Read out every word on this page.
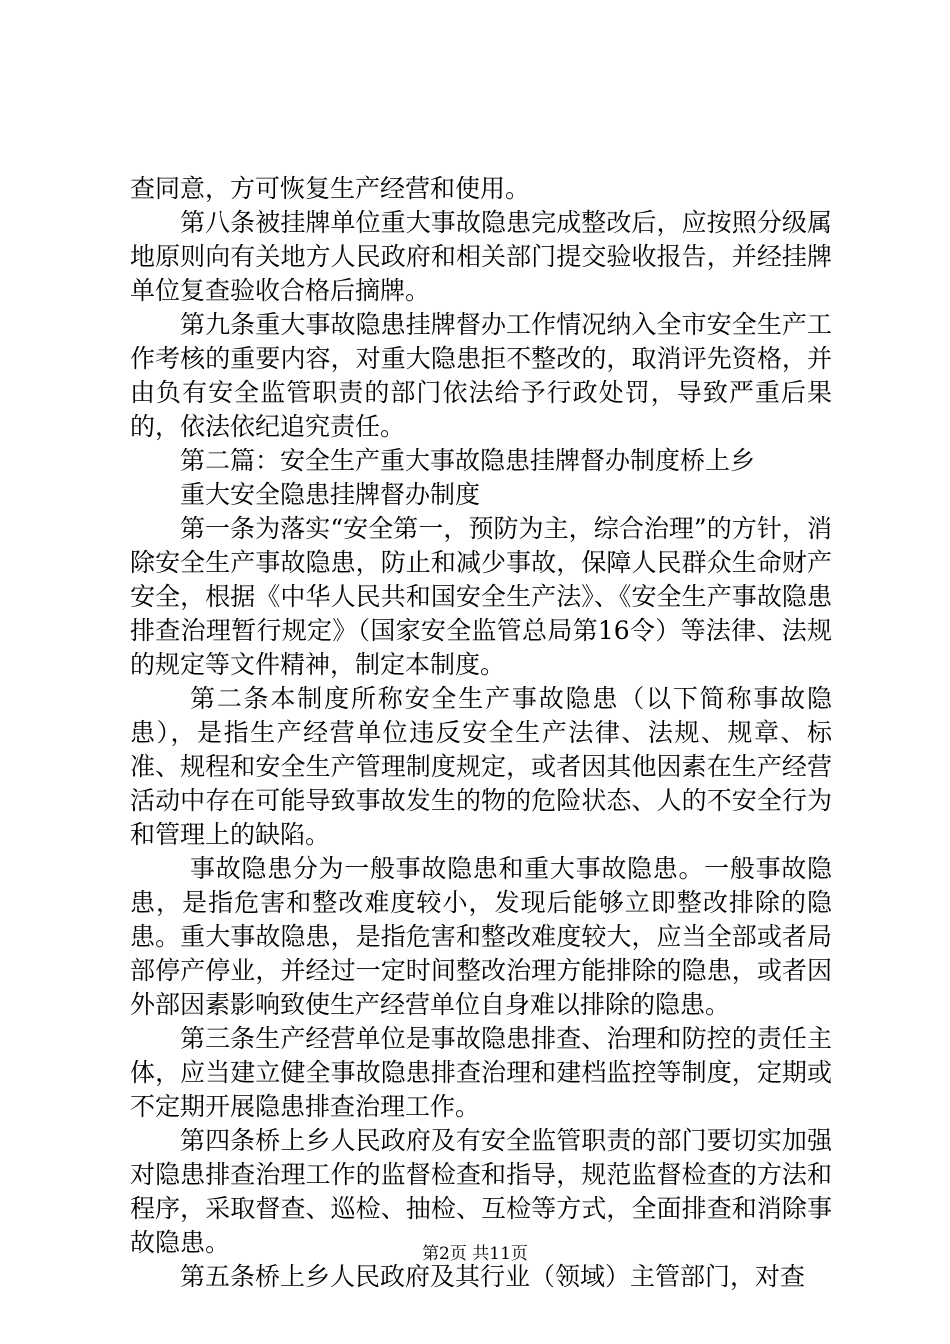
查同意，方可恢复生产经营和使用。

第八条被挂牌单位重大事故隐患完成整改后，应按照分级属地原则向有关地方人民政府和相关部门提交验收报告，并经挂牌单位复查验收合格后摘牌。

第九条重大事故隐患挂牌督办工作情况纳入全市安全生产工作考核的重要内容，对重大隐患拒不整改的，取消评先资格，并由负有安全监管职责的部门依法给予行政处罚，导致严重后果的，依法依纪追究责任。

第二篇：安全生产重大事故隐患挂牌督办制度桥上乡

重大安全隐患挂牌督办制度

第一条为落实“安全第一，预防为主，综合治理”的方针，消除安全生产事故隐患，防止和减少事故，保障人民群众生命财产安全，根据《中华人民共和国安全生产法》、《安全生产事故隐患排查治理暂行规定》（国家安全监管总局第16令）等法律、法规的规定等文件精神，制定本制度。

第二条本制度所称安全生产事故隐患（以下简称事故隐患），是指生产经营单位违反安全生产法律、法规、规章、标准、规程和安全生产管理制度规定，或者因其他因素在生产经营活动中存在可能导致事故发生的物的危险状态、人的不安全行为和管理上的缺陷。

事故隐患分为一般事故隐患和重大事故隐患。一般事故隐患，是指危害和整改难度较小，发现后能够立即整改排除的隐患。重大事故隐患，是指危害和整改难度较大，应当全部或者局部停产停业，并经过一定时间整改治理方能排除的隐患，或者因外部因素影响致使生产经营单位自身难以排除的隐患。

第三条生产经营单位是事故隐患排查、治理和防控的责任主体，应当建立健全事故隐患排查治理和建档监控等制度，定期或不定期开展隐患排查治理工作。

第四条桥上乡人民政府及有安全监管职责的部门要切实加强对隐患排查治理工作的监督检查和指导，规范监督检查的方法和程序，采取督查、巡检、抽检、互检等方式，全面排查和消除事故隐患。

第五条桥上乡人民政府及其行业（领域）主管部门，对查

第2页 共11页
